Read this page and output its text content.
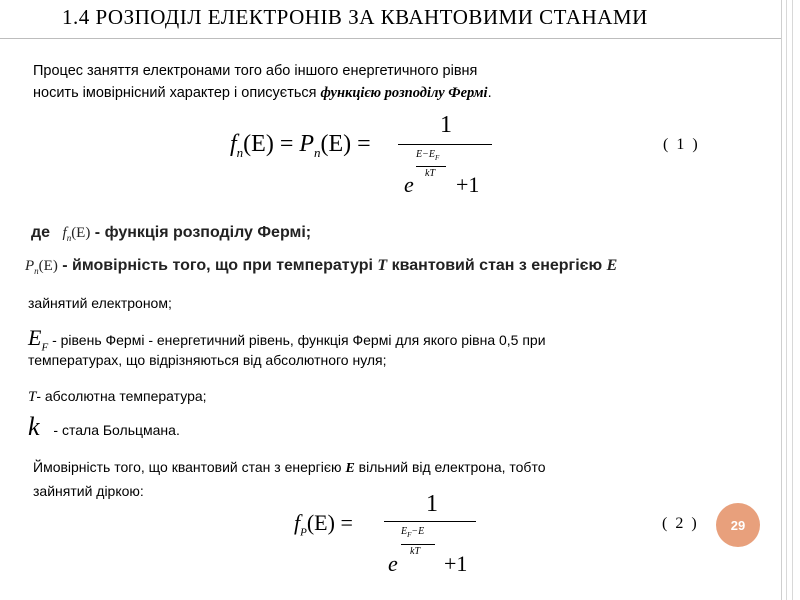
1.4 РОЗПОДІЛ ЕЛЕКТРОНІВ ЗА КВАНТОВИМИ СТАНАМИ
Процес заняття електронами того або іншого енергетичного рівня
носить імовірнісний характер і описується функцією розподілу Фермі.
$f_n(E) = P_n(E)$ =
1
e
$E-E_F$
kT +1
( 1 )
де $f_n(E)$ - функція розподілу Фермі;
$P_n(E)$ - ймовірність того, що при температурі T квантовий стан з енергією E
зайнятий електроном;
$E_F$ - рівень Фермі - енергетичний рівень, функція Фермі для якого рівна 0,5 при
температурах, що відрізняються від абсолютного нуля;
T- абсолютна температура;
k - стала Больцмана.
Ймовірність того, що квантовий стан з енергією E вільний від електрона, тобто
зайнятий діркою:
$f_P(E)$ =
1
e
$E_F-E$
kT +1
( 2 )	29
